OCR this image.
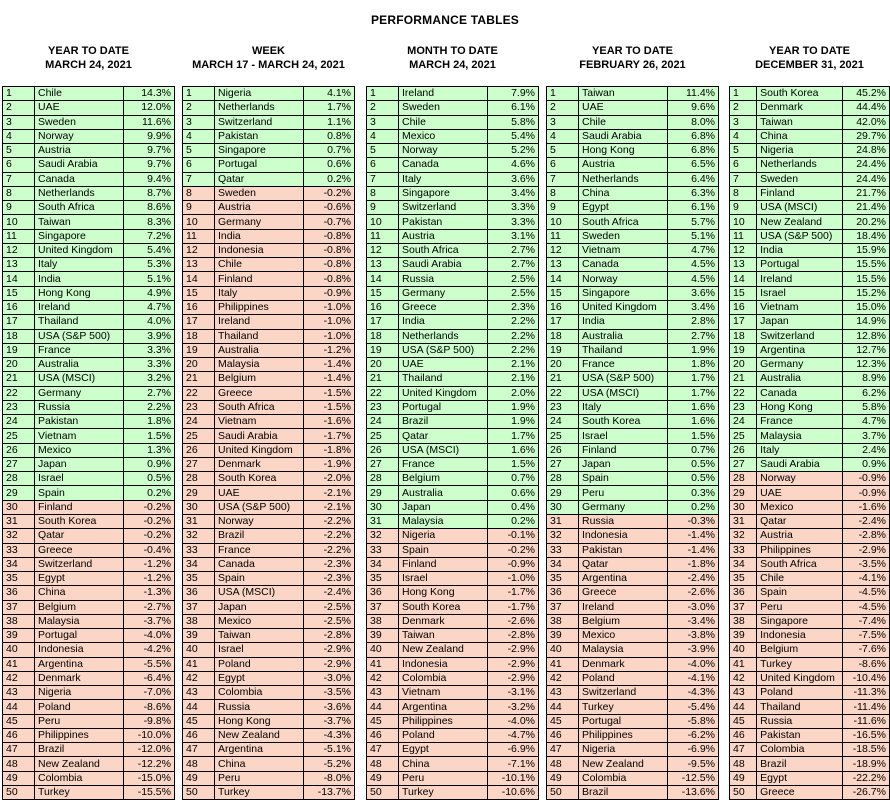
PERFORMANCE TABLES
YEAR TO DATE
MARCH 24, 2021
1	Chile	14.3%
2	UAE	12.0%
3	Sweden	11.6%
4	Norway	9.9%
5	Austria	9.7%
6	Saudi Arabia	9.7%
7	Canada	9.4%
8	Netherlands	8.7%
9	South Africa	8.6%
10	Taiwan	8.3%
11	Singapore	7.2%
12	United Kingdom	5.4%
13	Italy	5.3%
14	India	5.1%
15	Hong Kong	4.9%
16	Ireland	4.7%
17	Thailand	4.0%
18	USA (S&P 500)	3.9%
19	France	3.3%
20	Australia	3.3%
21	USA (MSCI)	3.2%
22	Germany	2.7%
23	Russia	2.2%
24	Pakistan	1.8%
25	Vietnam	1.5%
26	Mexico	1.3%
27	Japan	0.9%
28	Israel	0.5%
29	Spain	0.2%
30	Finland	-0.2%
31	South Korea	-0.2%
32	Qatar	-0.2%
33	Greece	-0.4%
34	Switzerland	-1.2%
35	Egypt	-1.2%
36	China	-1.3%
37	Belgium	-2.7%
38	Malaysia	-3.7%
39	Portugal	-4.0%
40	Indonesia	-4.2%
41	Argentina	-5.5%
42	Denmark	-6.4%
43	Nigeria	-7.0%
44	Poland	-8.6%
45	Peru	-9.8%
46	Philippines	-10.0%
47	Brazil	-12.0%
48	New Zealand	-12.2%
49	Colombia	-15.0%
50	Turkey	-15.5%
WEEK
MARCH 17 - MARCH 24, 2021
1	Nigeria	4.1%
2	Netherlands	1.7%
3	Switzerland	1.1%
4	Pakistan	0.8%
5	Singapore	0.7%
6	Portugal	0.6%
7	Qatar	0.2%
8	Sweden	-0.2%
9	Austria	-0.6%
10	Germany	-0.7%
11	India	-0.8%
12	Indonesia	-0.8%
13	Chile	-0.8%
14	Finland	-0.8%
15	Italy	-0.9%
16	Philippines	-1.0%
17	Ireland	-1.0%
18	Thailand	-1.0%
19	Australia	-1.2%
20	Malaysia	-1.4%
21	Belgium	-1.4%
22	Greece	-1.5%
23	South Africa	-1.5%
24	Vietnam	-1.6%
25	Saudi Arabia	-1.7%
26	United Kingdom	-1.8%
27	Denmark	-1.9%
28	South Korea	-2.0%
29	UAE	-2.1%
30	USA (S&P 500)	-2.1%
31	Norway	-2.2%
32	Brazil	-2.2%
33	France	-2.2%
34	Canada	-2.3%
35	Spain	-2.3%
36	USA (MSCI)	-2.4%
37	Japan	-2.5%
38	Mexico	-2.5%
39	Taiwan	-2.8%
40	Israel	-2.9%
41	Poland	-2.9%
42	Egypt	-3.0%
43	Colombia	-3.5%
44	Russia	-3.6%
45	Hong Kong	-3.7%
46	New Zealand	-4.3%
47	Argentina	-5.1%
48	China	-5.2%
49	Peru	-8.0%
50	Turkey	-13.7%
MONTH TO DATE
MARCH 24, 2021
1	Ireland	7.9%
2	Sweden	6.1%
3	Chile	5.8%
4	Mexico	5.4%
5	Norway	5.2%
6	Canada	4.6%
7	Italy	3.6%
8	Singapore	3.4%
9	Switzerland	3.3%
10	Pakistan	3.3%
11	Austria	3.1%
12	South Africa	2.7%
13	Saudi Arabia	2.7%
14	Russia	2.5%
15	Germany	2.5%
16	Greece	2.3%
17	India	2.2%
18	Netherlands	2.2%
19	USA (S&P 500)	2.2%
20	UAE	2.1%
21	Thailand	2.1%
22	United Kingdom	2.0%
23	Portugal	1.9%
24	Brazil	1.9%
25	Qatar	1.7%
26	USA (MSCI)	1.6%
27	France	1.5%
28	Belgium	0.7%
29	Australia	0.6%
30	Japan	0.4%
31	Malaysia	0.2%
32	Nigeria	-0.1%
33	Spain	-0.2%
34	Finland	-0.9%
35	Israel	-1.0%
36	Hong Kong	-1.7%
37	South Korea	-1.7%
38	Denmark	-2.6%
39	Taiwan	-2.8%
40	New Zealand	-2.9%
41	Indonesia	-2.9%
42	Colombia	-2.9%
43	Vietnam	-3.1%
44	Argentina	-3.2%
45	Philippines	-4.0%
46	Poland	-4.7%
47	Egypt	-6.9%
48	China	-7.1%
49	Peru	-10.1%
50	Turkey	-10.6%
YEAR TO DATE
FEBRUARY 26, 2021
1	Taiwan	11.4%
2	UAE	9.6%
3	Chile	8.0%
4	Saudi Arabia	6.8%
5	Hong Kong	6.8%
6	Austria	6.5%
7	Netherlands	6.4%
8	China	6.3%
9	Egypt	6.1%
10	South Africa	5.7%
11	Sweden	5.1%
12	Vietnam	4.7%
13	Canada	4.5%
14	Norway	4.5%
15	Singapore	3.6%
16	United Kingdom	3.4%
17	India	2.8%
18	Australia	2.7%
19	Thailand	1.9%
20	France	1.8%
21	USA (S&P 500)	1.7%
22	USA (MSCI)	1.7%
23	Italy	1.6%
24	South Korea	1.6%
25	Israel	1.5%
26	Finland	0.7%
27	Japan	0.5%
28	Spain	0.5%
29	Peru	0.3%
30	Germany	0.2%
31	Russia	-0.3%
32	Indonesia	-1.4%
33	Pakistan	-1.4%
34	Qatar	-1.8%
35	Argentina	-2.4%
36	Greece	-2.6%
37	Ireland	-3.0%
38	Belgium	-3.4%
39	Mexico	-3.8%
40	Malaysia	-3.9%
41	Denmark	-4.0%
42	Poland	-4.1%
43	Switzerland	-4.3%
44	Turkey	-5.4%
45	Portugal	-5.8%
46	Philippines	-6.2%
47	Nigeria	-6.9%
48	New Zealand	-9.5%
49	Colombia	-12.5%
50	Brazil	-13.6%
YEAR TO DATE
DECEMBER 31, 2021
1	South Korea	45.2%
2	Denmark	44.4%
3	Taiwan	42.0%
4	China	29.7%
5	Nigeria	24.8%
6	Netherlands	24.4%
7	Sweden	24.4%
8	Finland	21.7%
9	USA (MSCI)	21.4%
10	New Zealand	20.2%
11	USA (S&P 500)	18.4%
12	India	15.9%
13	Portugal	15.5%
14	Ireland	15.5%
15	Israel	15.2%
16	Vietnam	15.0%
17	Japan	14.9%
18	Switzerland	12.8%
19	Argentina	12.7%
20	Germany	12.3%
21	Australia	8.9%
22	Canada	6.2%
23	Hong Kong	5.8%
24	France	4.7%
25	Malaysia	3.7%
26	Italy	2.4%
27	Saudi Arabia	0.9%
28	Norway	-0.9%
29	UAE	-0.9%
30	Mexico	-1.6%
31	Qatar	-2.4%
32	Austria	-2.8%
33	Philippines	-2.9%
34	South Africa	-3.5%
35	Chile	-4.1%
36	Spain	-4.5%
37	Peru	-4.5%
38	Singapore	-7.4%
39	Indonesia	-7.5%
40	Belgium	-7.6%
41	Turkey	-8.6%
42	United Kingdom	-10.4%
43	Poland	-11.3%
44	Thailand	-11.4%
45	Russia	-11.6%
46	Pakistan	-16.5%
47	Colombia	-18.5%
48	Brazil	-18.9%
49	Egypt	-22.2%
50	Greece	-26.7%
